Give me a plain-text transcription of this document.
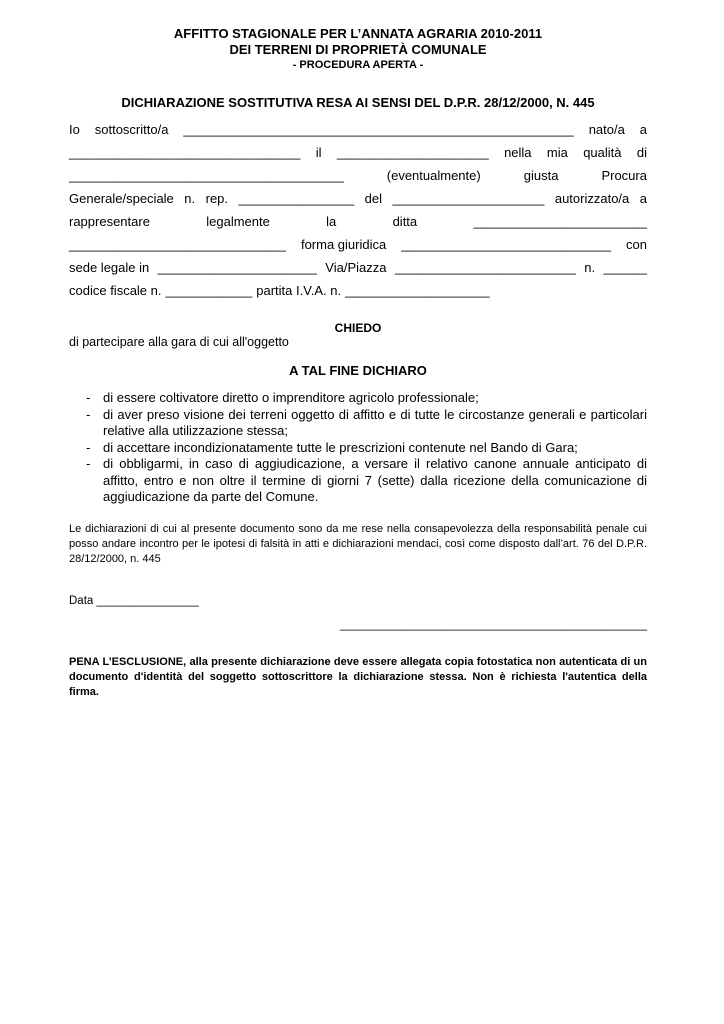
AFFITTO STAGIONALE PER L’ANNATA AGRARIA 2010-2011
DEI TERRENI DI PROPRIETÀ COMUNALE
- PROCEDURA APERTA -
DICHIARAZIONE SOSTITUTIVA RESA AI SENSI DEL D.P.R. 28/12/2000, N. 445
Io sottoscritto/a ______________________________________________________ nato/a a
________________________________ il _____________________ nella mia qualità di
______________________________________	(eventualmente)	giusta	Procura
Generale/speciale n. rep. ________________ del _____________________ autorizzato/a a
rappresentare	legalmente	la	ditta	________________________
______________________________ forma giuridica _____________________________ con
sede legale in ______________________ Via/Piazza _________________________ n. ______
codice fiscale n. ____________ partita I.V.A. n. ____________________
CHIEDO
di partecipare alla gara di cui all'oggetto
A TAL FINE DICHIARO
- di essere coltivatore diretto o imprenditore agricolo professionale;
- di aver preso visione dei terreni oggetto di affitto e di tutte le circostanze generali e particolari relative alla utilizzazione stessa;
- di accettare incondizionatamente tutte le prescrizioni contenute nel Bando di Gara;
- di obbligarmi, in caso di aggiudicazione, a versare il relativo canone annuale anticipato di affitto, entro e non oltre il termine di giorni 7 (sette) dalla ricezione della comunicazione di aggiudicazione da parte del Comune.
Le dichiarazioni di cui al presente documento sono da me rese nella consapevolezza della responsabilità penale cui posso andare incontro per le ipotesi di falsità in atti e dichiarazioni mendaci, così come disposto dall’art. 76 del D.P.R. 28/12/2000, n. 445
Data ________________
______________________________________________
PENA L’ESCLUSIONE, alla presente dichiarazione deve essere allegata copia fotostatica non autenticata di un documento d'identità del soggetto sottoscrittore la dichiarazione stessa. Non è richiesta l'autentica della firma.
